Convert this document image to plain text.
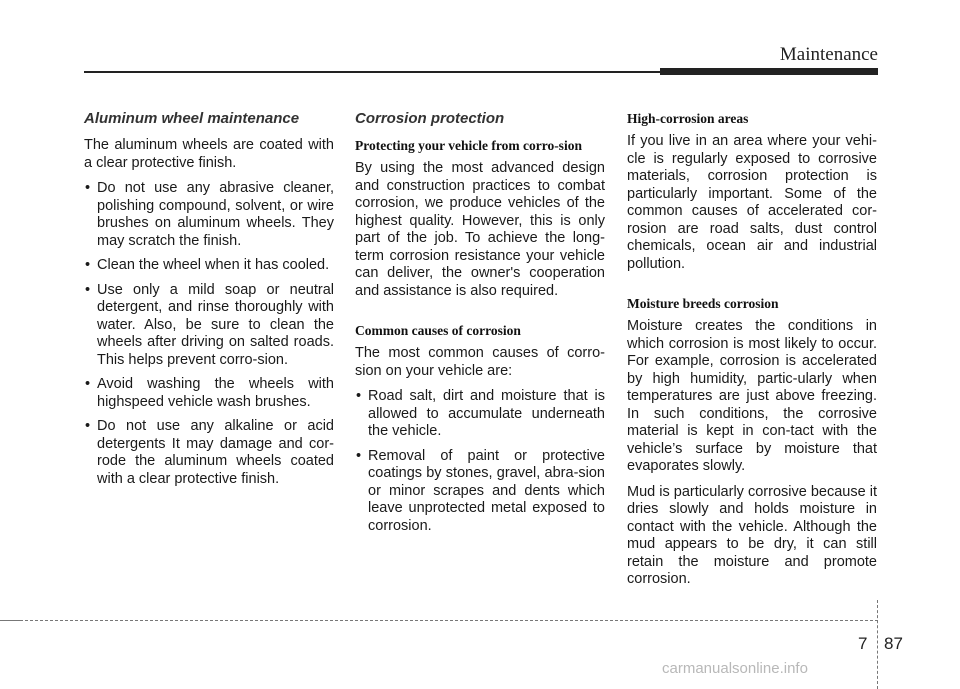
Maintenance
Aluminum wheel maintenance

The aluminum wheels are coated with a clear protective finish.

• Do not use any abrasive cleaner, polishing compound, solvent, or wire brushes on aluminum wheels. They may scratch the finish.
• Clean the wheel when it has cooled.
• Use only a mild soap or neutral detergent, and rinse thoroughly with water. Also, be sure to clean the wheels after driving on salted roads. This helps prevent corro-sion.
• Avoid washing the wheels with highspeed vehicle wash brushes.
• Do not use any alkaline or acid detergents It may damage and cor-rode the aluminum wheels coated with a clear protective finish.
Corrosion protection
Protecting your vehicle from corro-sion

By using the most advanced design and construction practices to combat corrosion, we produce vehicles of the highest quality. However, this is only part of the job. To achieve the long-term corrosion resistance your vehicle can deliver, the owner's cooperation and assistance is also required.

Common causes of corrosion

The most common causes of corro-sion on your vehicle are:

• Road salt, dirt and moisture that is allowed to accumulate underneath the vehicle.
• Removal of paint or protective coatings by stones, gravel, abra-sion or minor scrapes and dents which leave unprotected metal exposed to corrosion.
High-corrosion areas

If you live in an area where your vehi-cle is regularly exposed to corrosive materials, corrosion protection is particularly important. Some of the common causes of accelerated cor-rosion are road salts, dust control chemicals, ocean air and industrial pollution.

Moisture breeds corrosion

Moisture creates the conditions in which corrosion is most likely to occur. For example, corrosion is accelerated by high humidity, partic-ularly when temperatures are just above freezing. In such conditions, the corrosive material is kept in con-tact with the vehicle’s surface by moisture that evaporates slowly.

Mud is particularly corrosive because it dries slowly and holds moisture in contact with the vehicle. Although the mud appears to be dry, it can still retain the moisture and promote corrosion.

7 87
carmanualsonline.info
